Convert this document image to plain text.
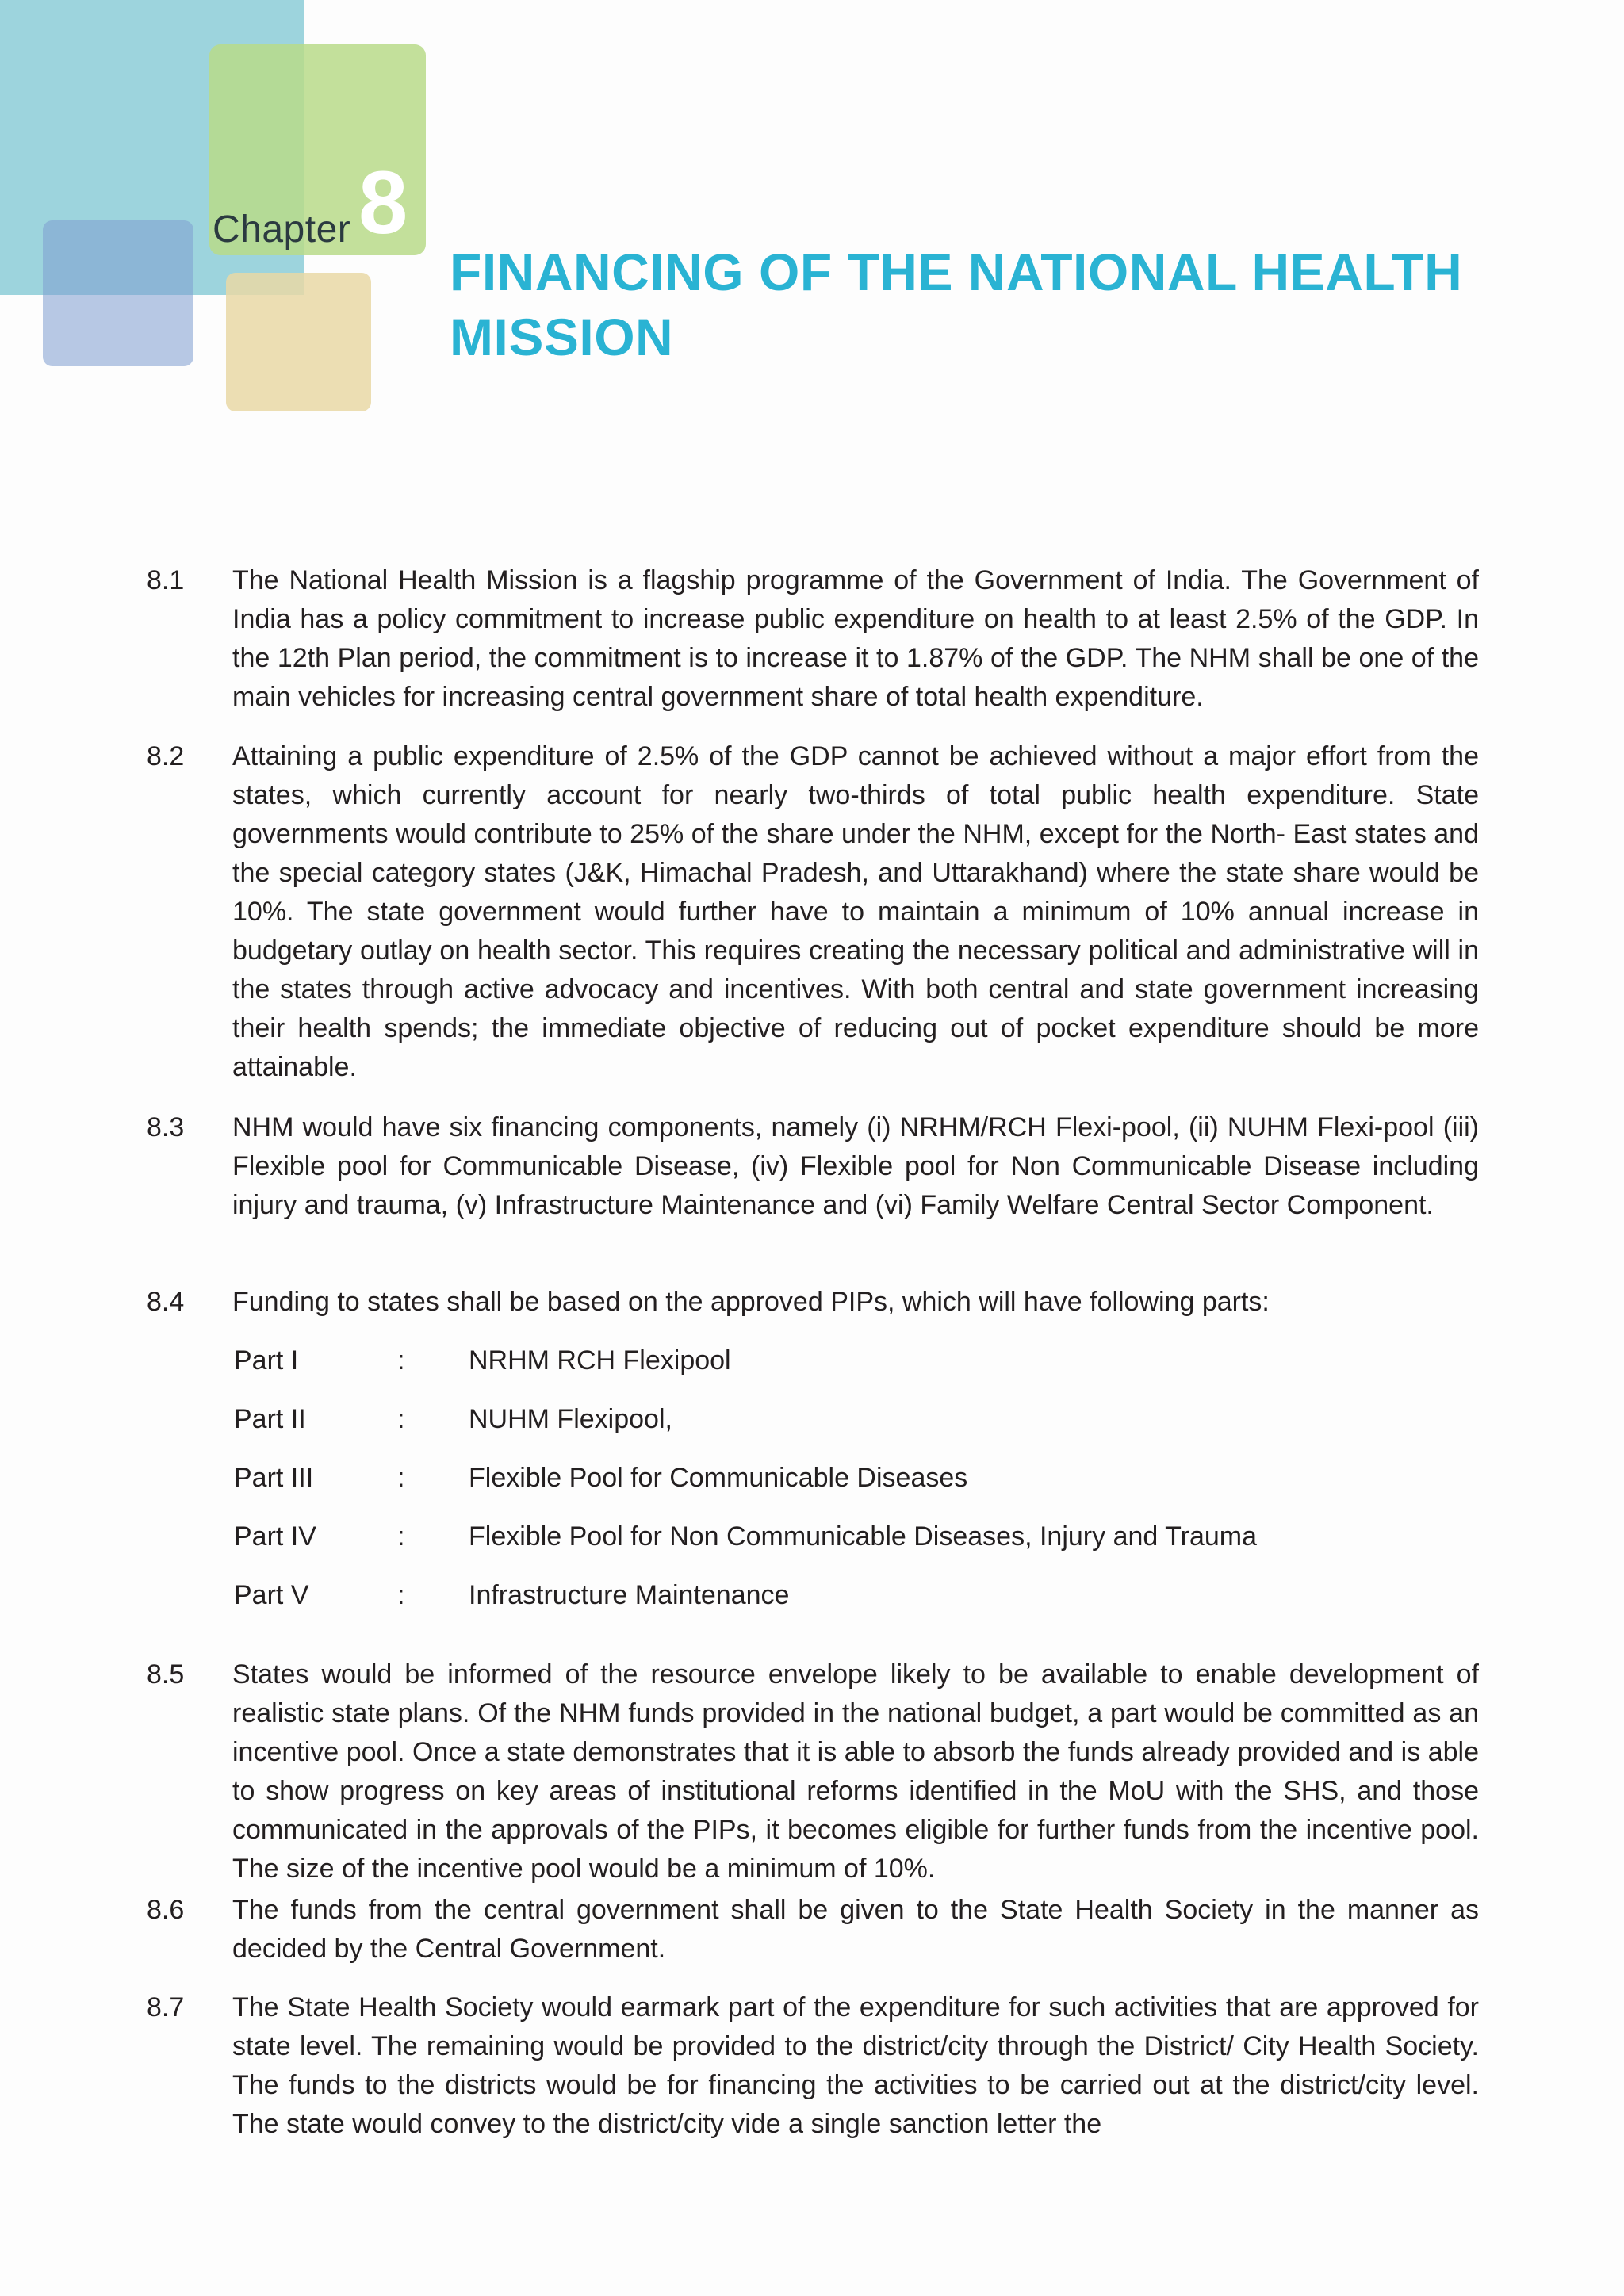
Chapter 8
FINANCING OF THE NATIONAL HEALTH MISSION
8.1 The National Health Mission is a flagship programme of the Government of India. The Government of India has a policy commitment to increase public expenditure on health to at least 2.5% of the GDP. In the 12th Plan period, the commitment is to increase it to 1.87% of the GDP. The NHM shall be one of the main vehicles for increasing central government share of total health expenditure.
8.2 Attaining a public expenditure of 2.5% of the GDP cannot be achieved without a major effort from the states, which currently account for nearly two-thirds of total public health expenditure. State governments would contribute to 25% of the share under the NHM, except for the North- East states and the special category states (J&K, Himachal Pradesh, and Uttarakhand) where the state share would be 10%. The state government would further have to maintain a minimum of 10% annual increase in budgetary outlay on health sector. This requires creating the necessary political and administrative will in the states through active advocacy and incentives. With both central and state government increasing their health spends; the immediate objective of reducing out of pocket expenditure should be more attainable.
8.3 NHM would have six financing components, namely (i) NRHM/RCH Flexi-pool, (ii) NUHM Flexi-pool (iii) Flexible pool for Communicable Disease, (iv) Flexible pool for Non Communicable Disease including injury and trauma, (v) Infrastructure Maintenance and (vi) Family Welfare Central Sector Component.
8.4 Funding to states shall be based on the approved PIPs, which will have following parts:
Part I	: NRHM RCH Flexipool
Part II	: NUHM Flexipool,
Part III	: Flexible Pool for Communicable Diseases
Part IV	: Flexible Pool for Non Communicable Diseases, Injury and Trauma
Part V	: Infrastructure Maintenance
8.5 States would be informed of the resource envelope likely to be available to enable development of realistic state plans. Of the NHM funds provided in the national budget, a part would be committed as an incentive pool. Once a state demonstrates that it is able to absorb the funds already provided and is able to show progress on key areas of institutional reforms identified in the MoU with the SHS, and those communicated in the approvals of the PIPs, it becomes eligible for further funds from the incentive pool. The size of the incentive pool would be a minimum of 10%.
8.6 The funds from the central government shall be given to the State Health Society in the manner as decided by the Central Government.
8.7 The State Health Society would earmark part of the expenditure for such activities that are approved for state level. The remaining would be provided to the district/city through the District/ City Health Society. The funds to the districts would be for financing the activities to be carried out at the district/city level. The state would convey to the district/city vide a single sanction letter the
